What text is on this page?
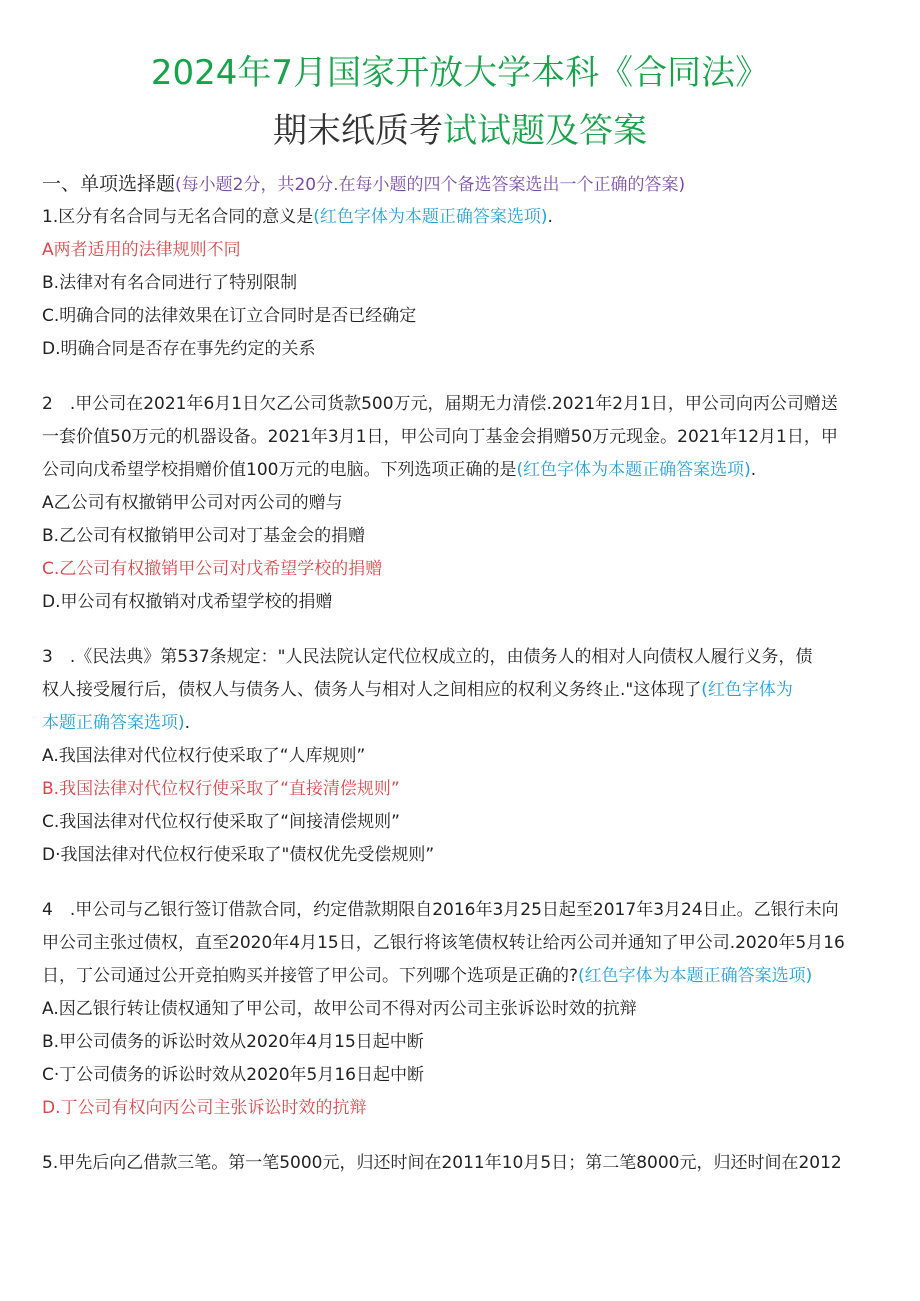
2024年7月国家开放大学本科《合同法》
期末纸质考试试题及答案
一、单项选择题(每小题2分，共20分.在每小题的四个备选答案选出一个正确的答案)
1.区分有名合同与无名合同的意义是(红色字体为本题正确答案选项).
A两者适用的法律规则不同
B.法律对有名合同进行了特别限制
C.明确合同的法律效果在订立合同时是否已经确定
D.明确合同是否存在事先约定的关系
2　.甲公司在2021年6月1日欠乙公司货款500万元，届期无力清偿.2021年2月1日，甲公司向丙公司赠送
一套价值50万元的机器设备。2021年3月1日，甲公司向丁基金会捐赠50万元现金。2021年12月1日，甲
公司向戊希望学校捐赠价值100万元的电脑。下列选项正确的是(红色字体为本题正确答案选项).
A乙公司有权撤销甲公司对丙公司的赠与
B.乙公司有权撤销甲公司对丁基金会的捐赠
C.乙公司有权撤销甲公司对戊希望学校的捐赠
D.甲公司有权撤销对戊希望学校的捐赠
3　.《民法典》第537条规定："人民法院认定代位权成立的，由债务人的相对人向债权人履行义务，债
权人接受履行后，债权人与债务人、债务人与相对人之间相应的权利义务终止."这体现了(红色字体为
本题正确答案选项).
A.我国法律对代位权行使采取了“人库规则”
B.我国法律对代位权行使采取了“直接清偿规则”
C.我国法律对代位权行使采取了“间接清偿规则”
D·我国法律对代位权行使采取了"债权优先受偿规则”
4　.甲公司与乙银行签订借款合同，约定借款期限自2016年3月25日起至2017年3月24日止。乙银行未向
甲公司主张过债权，直至2020年4月15日，乙银行将该笔债权转让给丙公司并通知了甲公司.2020年5月16
日，丁公司通过公开竞拍购买并接管了甲公司。下列哪个选项是正确的?(红色字体为本题正确答案选项)
A.因乙银行转让债权通知了甲公司，故甲公司不得对丙公司主张诉讼时效的抗辩
B.甲公司债务的诉讼时效从2020年4月15日起中断
C·丁公司债务的诉讼时效从2020年5月16日起中断
D.丁公司有权向丙公司主张诉讼时效的抗辩
5.甲先后向乙借款三笔。第一笔5000元，归还时间在2011年10月5日；第二笔8000元，归还时间在2012
